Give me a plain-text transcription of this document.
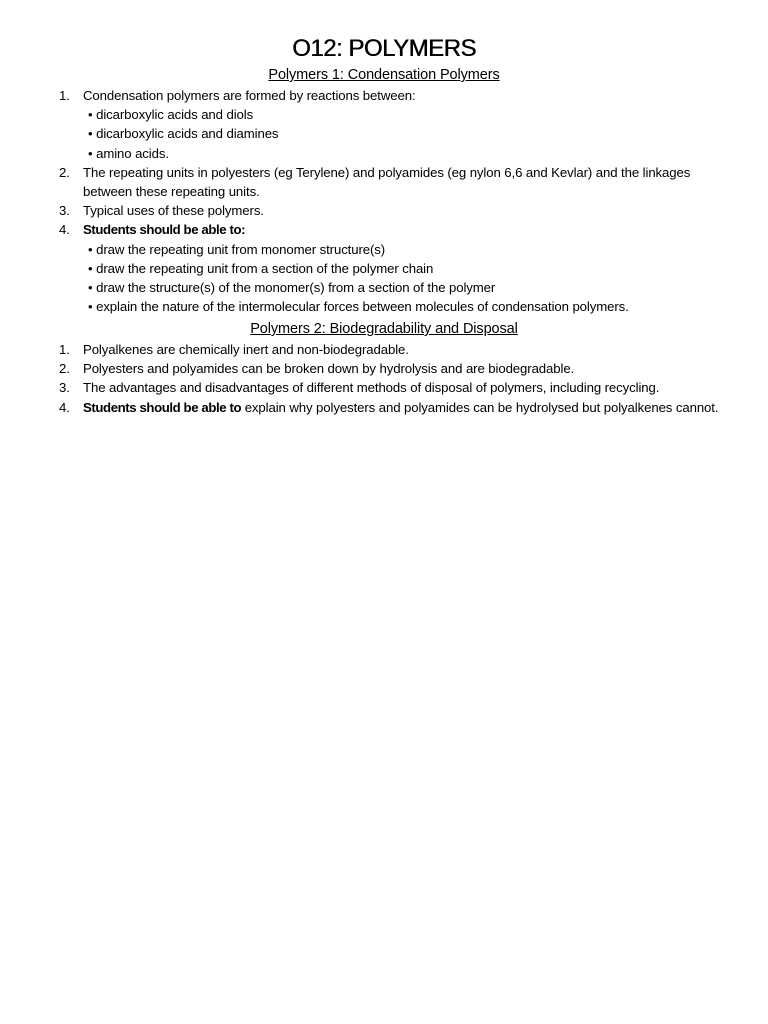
O12: POLYMERS
Polymers 1: Condensation Polymers
1. Condensation polymers are formed by reactions between:
• dicarboxylic acids and diols
• dicarboxylic acids and diamines
• amino acids.
2. The repeating units in polyesters (eg Terylene) and polyamides (eg nylon 6,6 and Kevlar) and the linkages between these repeating units.
3. Typical uses of these polymers.
4. Students should be able to:
• draw the repeating unit from monomer structure(s)
• draw the repeating unit from a section of the polymer chain
• draw the structure(s) of the monomer(s) from a section of the polymer
• explain the nature of the intermolecular forces between molecules of condensation polymers.
Polymers 2: Biodegradability and Disposal
1. Polyalkenes are chemically inert and non-biodegradable.
2. Polyesters and polyamides can be broken down by hydrolysis and are biodegradable.
3. The advantages and disadvantages of different methods of disposal of polymers, including recycling.
4. Students should be able to explain why polyesters and polyamides can be hydrolysed but polyalkenes cannot.
